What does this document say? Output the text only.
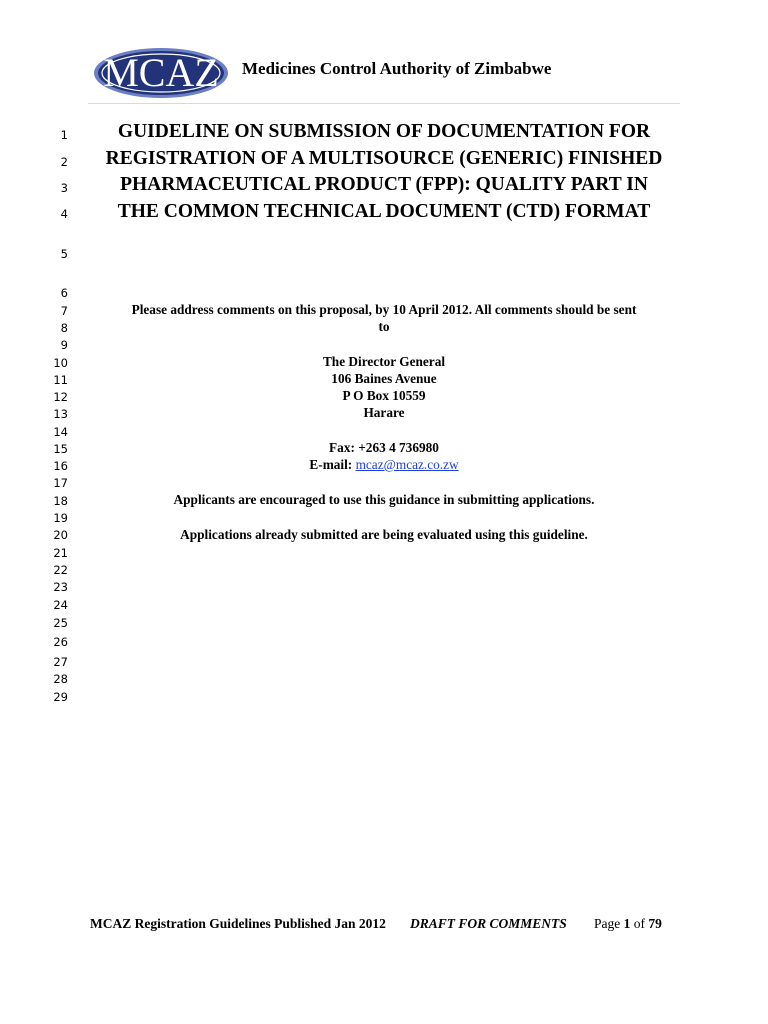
MCAZ Medicines Control Authority of Zimbabwe
1
2
3
4
5
6
7
8
9
10
11
12
13
14
15
16
17
18
19
20
21
22
23
24
25
26
27
28
29
GUIDELINE ON SUBMISSION OF DOCUMENTATION FOR
REGISTRATION OF A MULTISOURCE (GENERIC) FINISHED
PHARMACEUTICAL PRODUCT (FPP): QUALITY PART IN
THE COMMON TECHNICAL DOCUMENT (CTD) FORMAT
Please address comments on this proposal, by 10 April 2012. All comments should be sent
to
The Director General
106 Baines Avenue
P O Box 10559
Harare
Fax: +263 4 736980
E-mail: mcaz@mcaz.co.zw
Applicants are encouraged to use this guidance in submitting applications.
Applications already submitted are being evaluated using this guideline.
MCAZ Registration Guidelines Published Jan 2012 DRAFT FOR COMMENTS Page 1 of 79
